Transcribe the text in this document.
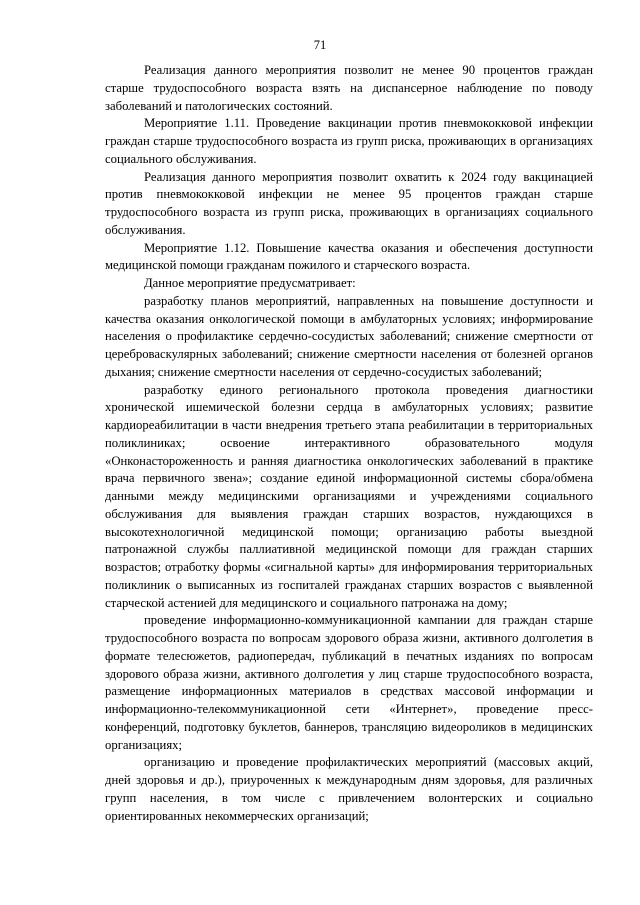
71

Реализация данного мероприятия позволит не менее 90 процентов граждан старше трудоспособного возраста взять на диспансерное наблюдение по поводу заболеваний и патологических состояний.

Мероприятие 1.11. Проведение вакцинации против пневмококковой инфекции граждан старше трудоспособного возраста из групп риска, проживающих в организациях социального обслуживания.

Реализация данного мероприятия позволит охватить к 2024 году вакцинацией против пневмококковой инфекции не менее 95 процентов граждан старше трудоспособного возраста из групп риска, проживающих в организациях социального обслуживания.

Мероприятие 1.12. Повышение качества оказания и обеспечения доступности медицинской помощи гражданам пожилого и старческого возраста.

Данное мероприятие предусматривает:

разработку планов мероприятий, направленных на повышение доступности и качества оказания онкологической помощи в амбулаторных условиях; информирование населения о профилактике сердечно-сосудистых заболеваний; снижение смертности от цереброваскулярных заболеваний; снижение смертности населения от болезней органов дыхания; снижение смертности населения от сердечно-сосудистых заболеваний;

разработку единого регионального протокола проведения диагностики хронической ишемической болезни сердца в амбулаторных условиях; развитие кардиореабилитации в части внедрения третьего этапа реабилитации в территориальных поликлиниках; освоение интерактивного образовательного модуля «Онконастороженность и ранняя диагностика онкологических заболеваний в практике врача первичного звена»; создание единой информационной системы сбора/обмена данными между медицинскими организациями и учреждениями социального обслуживания для выявления граждан старших возрастов, нуждающихся в высокотехнологичной медицинской помощи; организацию работы выездной патронажной службы паллиативной медицинской помощи для граждан старших возрастов; отработку формы «сигнальной карты» для информирования территориальных поликлиник о выписанных из госпиталей гражданах старших возрастов с выявленной старческой астенией для медицинского и социального патронажа на дому;

проведение информационно-коммуникационной кампании для граждан старше трудоспособного возраста по вопросам здорового образа жизни, активного долголетия в формате телесюжетов, радиопередач, публикаций в печатных изданиях по вопросам здорового образа жизни, активного долголетия у лиц старше трудоспособного возраста, размещение информационных материалов в средствах массовой информации и информационно-телекоммуникационной сети «Интернет», проведение пресс-конференций, подготовку буклетов, баннеров, трансляцию видеороликов в медицинских организациях;

организацию и проведение профилактических мероприятий (массовых акций, дней здоровья и др.), приуроченных к международным дням здоровья, для различных групп населения, в том числе с привлечением волонтерских и социально ориентированных некоммерческих организаций;
